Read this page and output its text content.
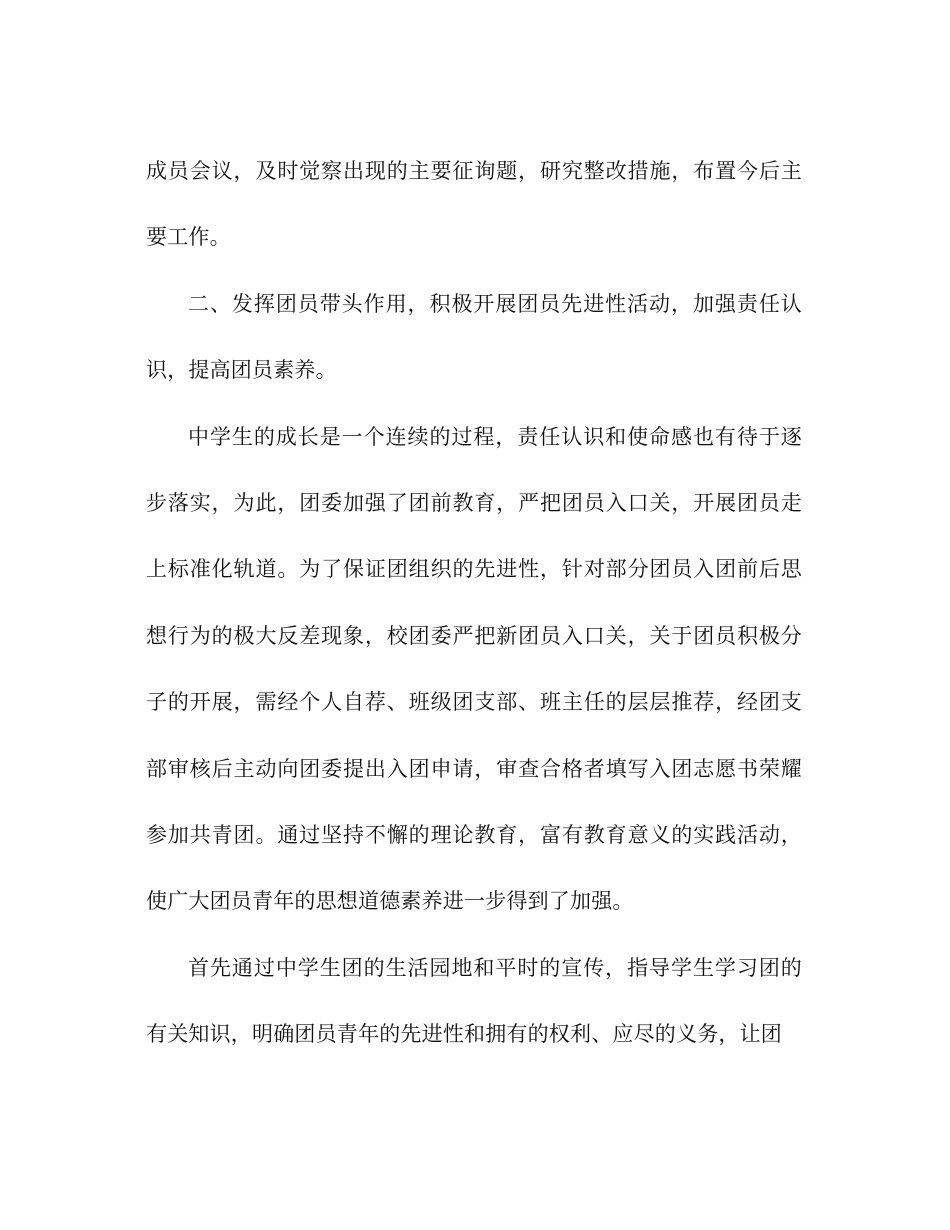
成员会议，及时觉察出现的主要征询题，研究整改措施，布置今后主要工作。

二、发挥团员带头作用，积极开展团员先进性活动，加强责任认识，提高团员素养。

中学生的成长是一个连续的过程，责任认识和使命感也有待于逐步落实，为此，团委加强了团前教育，严把团员入口关，开展团员走上标准化轨道。为了保证团组织的先进性，针对部分团员入团前后思想行为的极大反差现象，校团委严把新团员入口关，关于团员积极分子的开展，需经个人自荐、班级团支部、班主任的层层推荐，经团支部审核后主动向团委提出入团申请，审查合格者填写入团志愿书荣耀参加共青团。通过坚持不懈的理论教育，富有教育意义的实践活动，使广大团员青年的思想道德素养进一步得到了加强。

首先通过中学生团的生活园地和平时的宣传，指导学生学习团的有关知识，明确团员青年的先进性和拥有的权利、应尽的义务，让团
